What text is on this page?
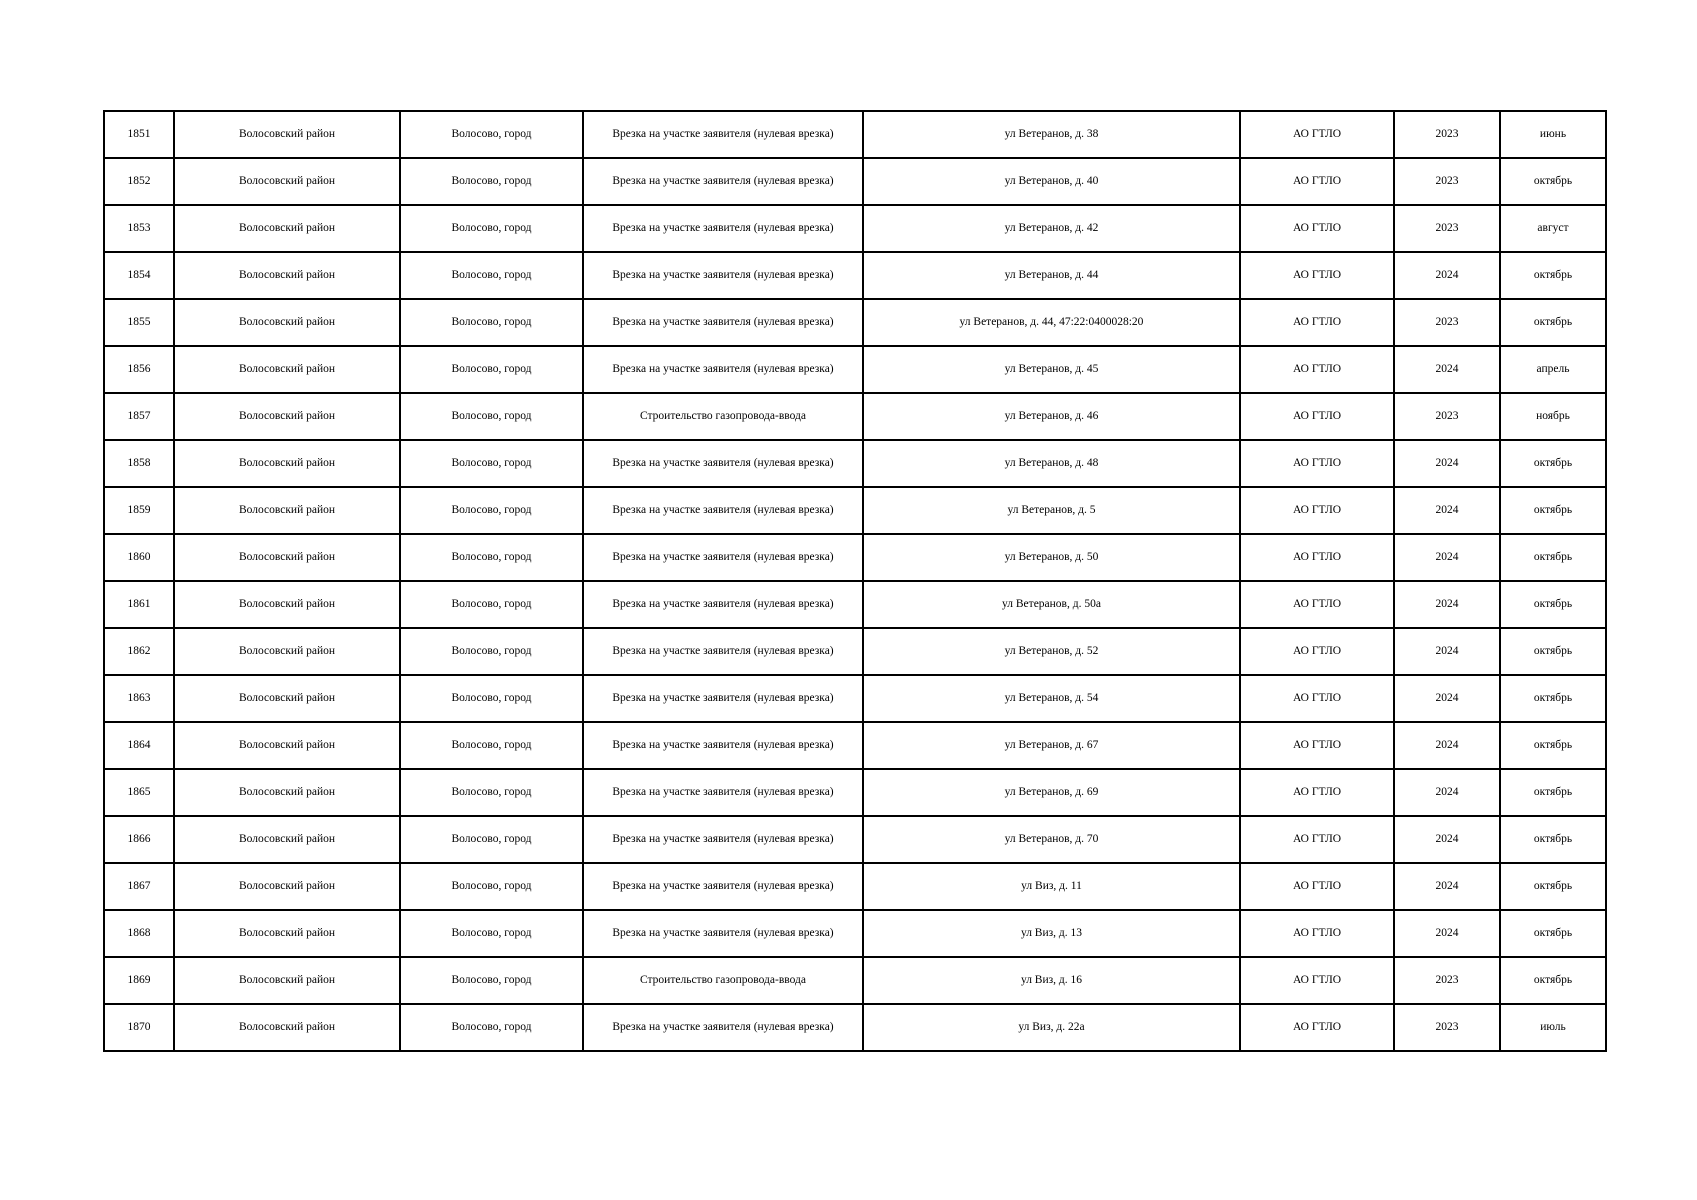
1851	Волосовский район	Волосово, город	Врезка на участке заявителя (нулевая врезка)	ул Ветеранов, д. 38	АО ГТЛО	2023	июнь
1852	Волосовский район	Волосово, город	Врезка на участке заявителя (нулевая врезка)	ул Ветеранов, д. 40	АО ГТЛО	2023	октябрь
1853	Волосовский район	Волосово, город	Врезка на участке заявителя (нулевая врезка)	ул Ветеранов, д. 42	АО ГТЛО	2023	август
1854	Волосовский район	Волосово, город	Врезка на участке заявителя (нулевая врезка)	ул Ветеранов, д. 44	АО ГТЛО	2024	октябрь
1855	Волосовский район	Волосово, город	Врезка на участке заявителя (нулевая врезка)	ул Ветеранов, д. 44, 47:22:0400028:20	АО ГТЛО	2023	октябрь
1856	Волосовский район	Волосово, город	Врезка на участке заявителя (нулевая врезка)	ул Ветеранов, д. 45	АО ГТЛО	2024	апрель
1857	Волосовский район	Волосово, город	Строительство газопровода-ввода	ул Ветеранов, д. 46	АО ГТЛО	2023	ноябрь
1858	Волосовский район	Волосово, город	Врезка на участке заявителя (нулевая врезка)	ул Ветеранов, д. 48	АО ГТЛО	2024	октябрь
1859	Волосовский район	Волосово, город	Врезка на участке заявителя (нулевая врезка)	ул Ветеранов, д. 5	АО ГТЛО	2024	октябрь
1860	Волосовский район	Волосово, город	Врезка на участке заявителя (нулевая врезка)	ул Ветеранов, д. 50	АО ГТЛО	2024	октябрь
1861	Волосовский район	Волосово, город	Врезка на участке заявителя (нулевая врезка)	ул Ветеранов, д. 50а	АО ГТЛО	2024	октябрь
1862	Волосовский район	Волосово, город	Врезка на участке заявителя (нулевая врезка)	ул Ветеранов, д. 52	АО ГТЛО	2024	октябрь
1863	Волосовский район	Волосово, город	Врезка на участке заявителя (нулевая врезка)	ул Ветеранов, д. 54	АО ГТЛО	2024	октябрь
1864	Волосовский район	Волосово, город	Врезка на участке заявителя (нулевая врезка)	ул Ветеранов, д. 67	АО ГТЛО	2024	октябрь
1865	Волосовский район	Волосово, город	Врезка на участке заявителя (нулевая врезка)	ул Ветеранов, д. 69	АО ГТЛО	2024	октябрь
1866	Волосовский район	Волосово, город	Врезка на участке заявителя (нулевая врезка)	ул Ветеранов, д. 70	АО ГТЛО	2024	октябрь
1867	Волосовский район	Волосово, город	Врезка на участке заявителя (нулевая врезка)	ул Виз, д. 11	АО ГТЛО	2024	октябрь
1868	Волосовский район	Волосово, город	Врезка на участке заявителя (нулевая врезка)	ул Виз, д. 13	АО ГТЛО	2024	октябрь
1869	Волосовский район	Волосово, город	Строительство газопровода-ввода	ул Виз, д. 16	АО ГТЛО	2023	октябрь
1870	Волосовский район	Волосово, город	Врезка на участке заявителя (нулевая врезка)	ул Виз, д. 22а	АО ГТЛО	2023	июль
